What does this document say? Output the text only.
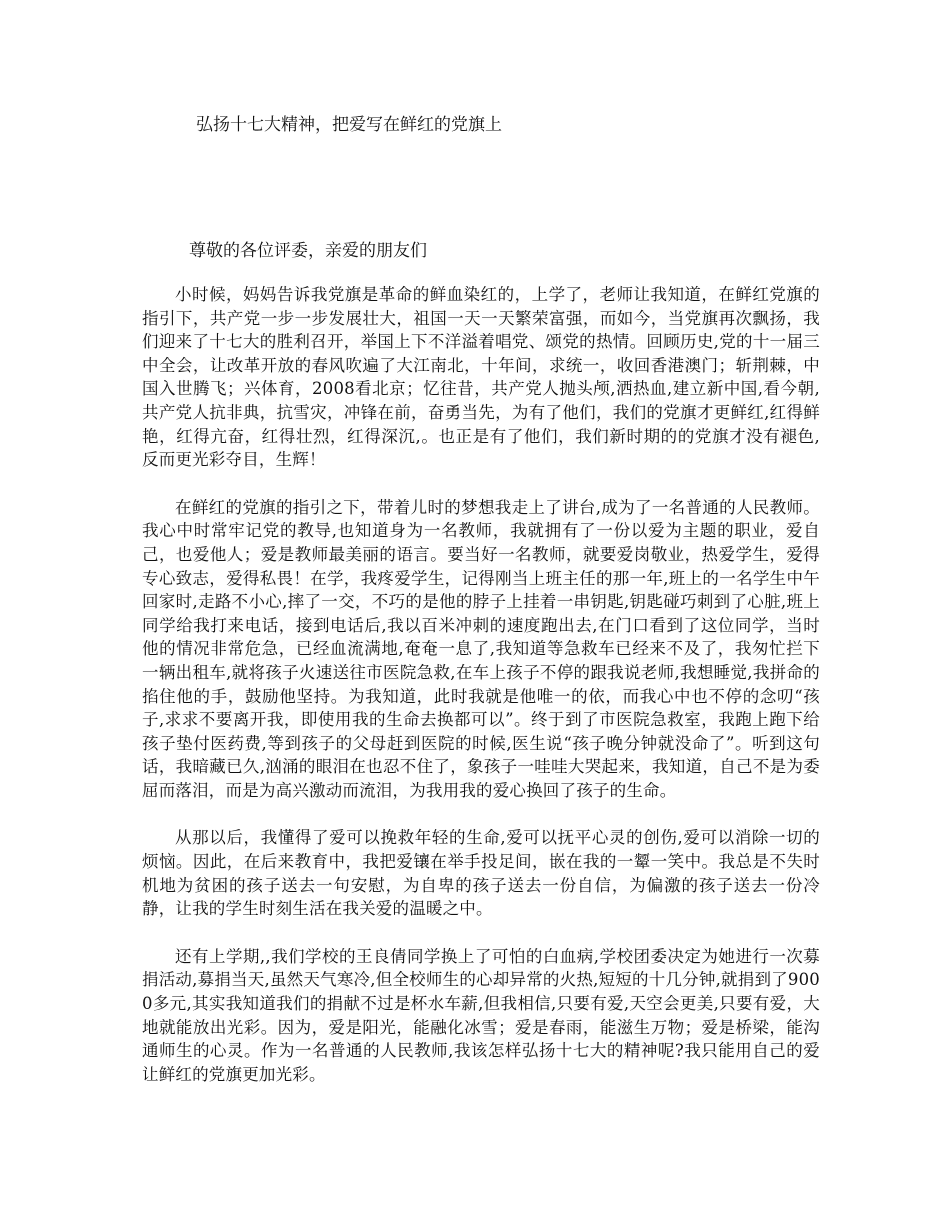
弘扬十七大精神，把爱写在鲜红的党旗上
尊敬的各位评委，亲爱的朋友们

小时候，妈妈告诉我党旗是革命的鲜血染红的，上学了，老师让我知道，在鲜红党旗的指引下，共产党一步一步发展壮大，祖国一天一天繁荣富强，而如今，当党旗再次飘扬，我们迎来了十七大的胜利召开，举国上下不洋溢着唱党、颂党的热情。回顾历史,党的十一届三中全会，让改革开放的春风吹遍了大江南北，十年间，求统一，收回香港澳门；斩荆棘，中国入世腾飞；兴体育，2008看北京；忆往昔，共产党人抛头颅,洒热血,建立新中国,看今朝,共产党人抗非典，抗雪灾，冲锋在前，奋勇当先，为有了他们，我们的党旗才更鲜红,红得鲜艳，红得亢奋，红得壮烈，红得深沉,。也正是有了他们，我们新时期的的党旗才没有褪色,反而更光彩夺目，生辉！

在鲜红的党旗的指引之下，带着儿时的梦想我走上了讲台,成为了一名普通的人民教师。我心中时常牢记党的教导,也知道身为一名教师，我就拥有了一份以爱为主题的职业，爱自己，也爱他人；爱是教师最美丽的语言。要当好一名教师，就要爱岗敬业，热爱学生，爱得专心致志，爱得私畏！在学，我疼爱学生，记得刚当上班主任的那一年,班上的一名学生中午回家时,走路不小心,摔了一交，不巧的是他的脖子上挂着一串钥匙,钥匙碰巧刺到了心脏,班上同学给我打来电话，接到电话后,我以百米冲刺的速度跑出去,在门口看到了这位同学，当时他的情况非常危急，已经血流满地,奄奄一息了,我知道等急救车已经来不及了，我匆忙拦下一辆出租车,就将孩子火速送往市医院急救,在车上孩子不停的跟我说老师,我想睡觉,我拼命的掐住他的手，鼓励他坚持。为我知道，此时我就是他唯一的依，而我心中也不停的念叨“孩子,求求不要离开我，即使用我的生命去换都可以”。终于到了市医院急救室，我跑上跑下给孩子垫付医药费,等到孩子的父母赶到医院的时候,医生说“孩子晚分钟就没命了”。听到这句话，我暗藏已久,汹涌的眼泪在也忍不住了，象孩子一哇哇大哭起来，我知道，自己不是为委屈而落泪，而是为高兴激动而流泪，为我用我的爱心换回了孩子的生命。

从那以后，我懂得了爱可以挽救年轻的生命,爱可以抚平心灵的创伤,爱可以消除一切的烦恼。因此，在后来教育中，我把爱镶在举手投足间，嵌在我的一颦一笑中。我总是不失时机地为贫困的孩子送去一句安慰，为自卑的孩子送去一份自信，为偏激的孩子送去一份冷静，让我的学生时刻生活在我关爱的温暖之中。

还有上学期,,我们学校的王良倩同学换上了可怕的白血病,学校团委决定为她进行一次募捐活动,募捐当天,虽然天气寒冷,但全校师生的心却异常的火热,短短的十几分钟,就捐到了9000多元,其实我知道我们的捐献不过是杯水车薪,但我相信,只要有爱,天空会更美,只要有爱，大地就能放出光彩。因为，爱是阳光，能融化冰雪；爱是春雨，能滋生万物；爱是桥梁，能沟通师生的心灵。作为一名普通的人民教师,我该怎样弘扬十七大的精神呢?我只能用自己的爱让鲜红的党旗更加光彩。
